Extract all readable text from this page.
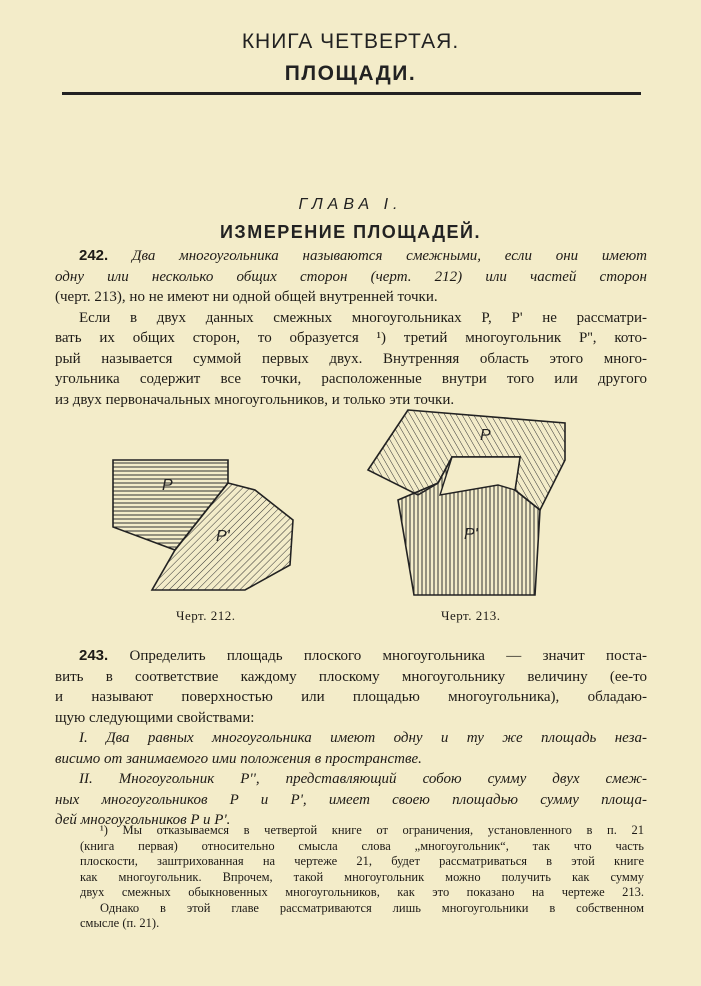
КНИГА ЧЕТВЕРТАЯ.
ПЛОЩАДИ.
ГЛАВА I.
ИЗМЕРЕНИЕ ПЛОЩАДЕЙ.
242. Два многоугольника называются смежными, если они имеют
одну или несколько общих сторон (черт. 212) или частей сторон
(черт. 213), но не имеют ни одной общей внутренней точки.
Если в двух данных смежных многоугольниках P, P' не рассматри-
вать их общих сторон, то образуется ¹) третий многоугольник P'', кото-
рый называется суммой первых двух. Внутренняя область этого много-
угольника содержит все точки, расположенные внутри того или другого
из двух первоначальных многоугольников, и только эти точки.
P
P'
P
P'
Черт. 212.	Черт. 213.
243. Определить площадь плоского многоугольника — значит поста-
вить в соответствие каждому плоскому многоугольнику величину (ее-то
и называют поверхностью или площадью многоугольника), обладаю-
щую следующими свойствами:
I. Два равных многоугольника имеют одну и ту же площадь неза-
висимо от занимаемого ими положения в пространстве.
II. Многоугольник P'', представляющий собою сумму двух смеж-
ных многоугольников P и P', имеет своею площадью сумму площа-
дей многоугольников P и P'.
¹) Мы отказываемся в четвертой книге от ограничения, установленного в п. 21
(книга первая) относительно смысла слова „многоугольник“, так что часть
плоскости, заштрихованная на чертеже 21, будет рассматриваться в этой книге
как многоугольник. Впрочем, такой многоугольник можно получить как сумму
двух смежных обыкновенных многоугольников, как это показано на чертеже 213.
Однако в этой главе рассматриваются лишь многоугольники в собственном
смысле (п. 21).
